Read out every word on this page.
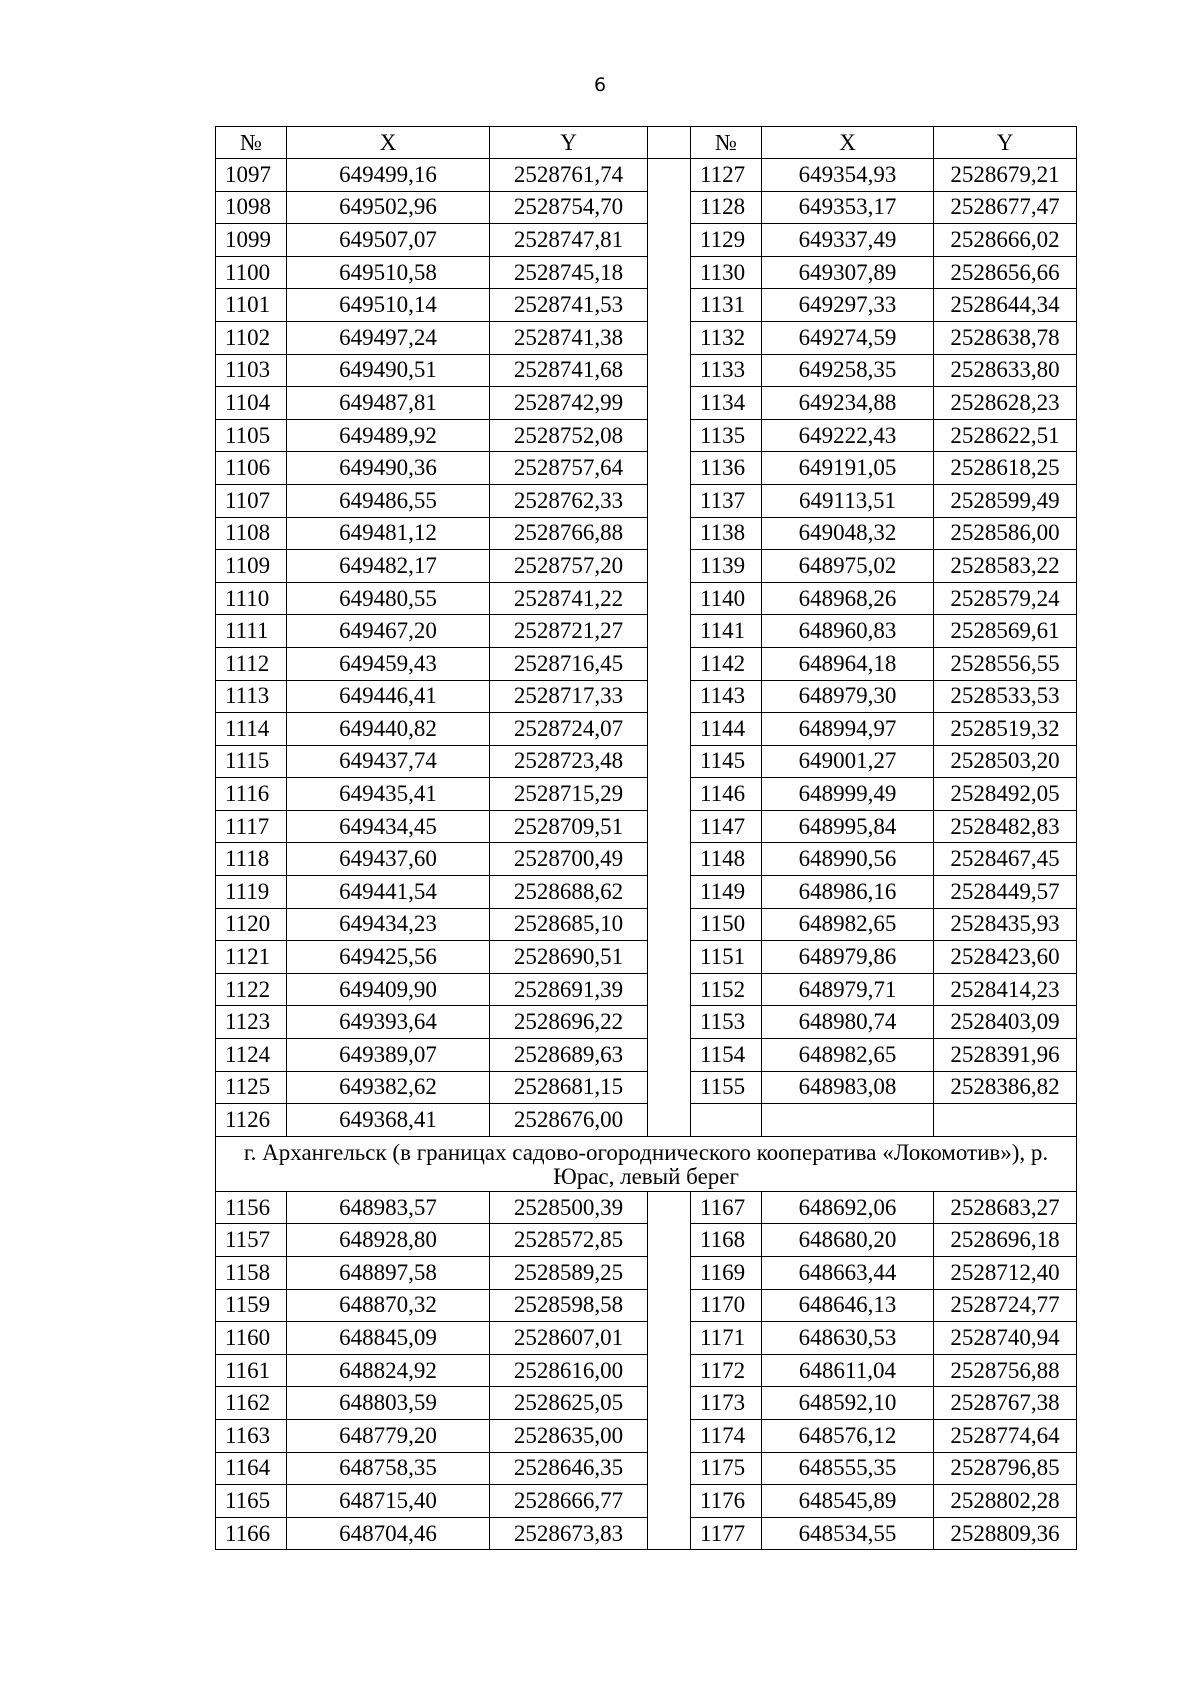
6
№	X	Y		№	X	Y
1097	649499,16	2528761,74		1127	649354,93	2528679,21
1098	649502,96	2528754,70		1128	649353,17	2528677,47
1099	649507,07	2528747,81		1129	649337,49	2528666,02
1100	649510,58	2528745,18		1130	649307,89	2528656,66
1101	649510,14	2528741,53		1131	649297,33	2528644,34
1102	649497,24	2528741,38		1132	649274,59	2528638,78
1103	649490,51	2528741,68		1133	649258,35	2528633,80
1104	649487,81	2528742,99		1134	649234,88	2528628,23
1105	649489,92	2528752,08		1135	649222,43	2528622,51
1106	649490,36	2528757,64		1136	649191,05	2528618,25
1107	649486,55	2528762,33		1137	649113,51	2528599,49
1108	649481,12	2528766,88		1138	649048,32	2528586,00
1109	649482,17	2528757,20		1139	648975,02	2528583,22
1110	649480,55	2528741,22		1140	648968,26	2528579,24
1111	649467,20	2528721,27		1141	648960,83	2528569,61
1112	649459,43	2528716,45		1142	648964,18	2528556,55
1113	649446,41	2528717,33		1143	648979,30	2528533,53
1114	649440,82	2528724,07		1144	648994,97	2528519,32
1115	649437,74	2528723,48		1145	649001,27	2528503,20
1116	649435,41	2528715,29		1146	648999,49	2528492,05
1117	649434,45	2528709,51		1147	648995,84	2528482,83
1118	649437,60	2528700,49		1148	648990,56	2528467,45
1119	649441,54	2528688,62		1149	648986,16	2528449,57
1120	649434,23	2528685,10		1150	648982,65	2528435,93
1121	649425,56	2528690,51		1151	648979,86	2528423,60
1122	649409,90	2528691,39		1152	648979,71	2528414,23
1123	649393,64	2528696,22		1153	648980,74	2528403,09
1124	649389,07	2528689,63		1154	648982,65	2528391,96
1125	649382,62	2528681,15		1155	648983,08	2528386,82
1126	649368,41	2528676,00				
г. Архангельск (в границах садово-огороднического кооператива «Локомотив»), р. Юрас, левый берег						
1156	648983,57	2528500,39		1167	648692,06	2528683,27
1157	648928,80	2528572,85		1168	648680,20	2528696,18
1158	648897,58	2528589,25		1169	648663,44	2528712,40
1159	648870,32	2528598,58		1170	648646,13	2528724,77
1160	648845,09	2528607,01		1171	648630,53	2528740,94
1161	648824,92	2528616,00		1172	648611,04	2528756,88
1162	648803,59	2528625,05		1173	648592,10	2528767,38
1163	648779,20	2528635,00		1174	648576,12	2528774,64
1164	648758,35	2528646,35		1175	648555,35	2528796,85
1165	648715,40	2528666,77		1176	648545,89	2528802,28
1166	648704,46	2528673,83		1177	648534,55	2528809,36
